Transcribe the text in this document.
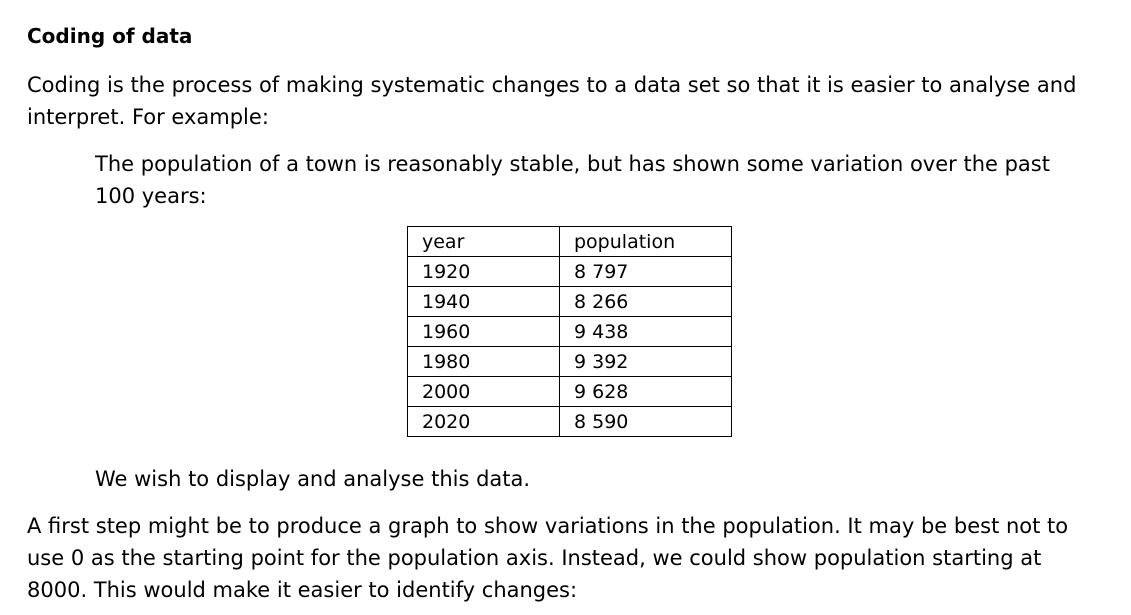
Coding of data
Coding is the process of making systematic changes to a data set so that it is easier to analyse and
interpret. For example:
The population of a town is reasonably stable, but has shown some variation over the past
100 years:
year	population
1920	8 797
1940	8 266
1960	9 438
1980	9 392
2000	9 628
2020	8 590
We wish to display and analyse this data.
A first step might be to produce a graph to show variations in the population. It may be best not to
use 0 as the starting point for the population axis. Instead, we could show population starting at
8000. This would make it easier to identify changes:
